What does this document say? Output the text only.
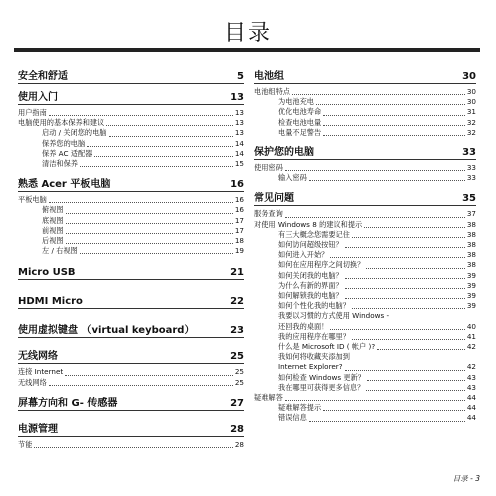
目录
安全和舒适	5
使用入门	13
用户指南	13
电脑使用的基本保养和建议	13
启动 / 关闭您的电脑	13
保养您的电脑	14
保养 AC 适配器	14
清洁和保养	15
熟悉 Acer 平板电脑	16
平板电脑	16
俯视图	16
底视图	17
前视图	17
后视图	18
左 / 右视图	19
Micro USB	21
HDMI Micro	22
使用虚拟键盘 （virtual keyboard）	23
无线网络	25
连接 Internet	25
无线网络	25
屏幕方向和 G- 传感器	27
电源管理	28
节能	28
电池组	30
电池组特点	30
为电池充电	30
优化电池寿命	31
检查电池电量	32
电量不足警告	32
保护您的电脑	33
使用密码	33
输入密码	33
常见问题	35
服务查询	37
对使用 Windows 8 的建议和提示	38
有三大概念您需要记住	38
如何访问超级按钮？	38
如何进入开始？	38
如何在应用程序之间切换？	38
如何关闭我的电脑？	39
为什么有新的界面？	39
如何解锁我的电脑？	39
如何个性化我的电脑？	39
我要以习惯的方式使用 Windows -
还回我的桌面！	40
我的应用程序在哪里？	41
什么是 Microsoft ID ( 帐户 )?	42
我如何将收藏夹添加到
Internet Explorer?	42
如何检查 Windows 更新？	43
我在哪里可获得更多信息？	43
疑难解答	44
疑难解答提示	44
错误信息	44
目录 - 3
